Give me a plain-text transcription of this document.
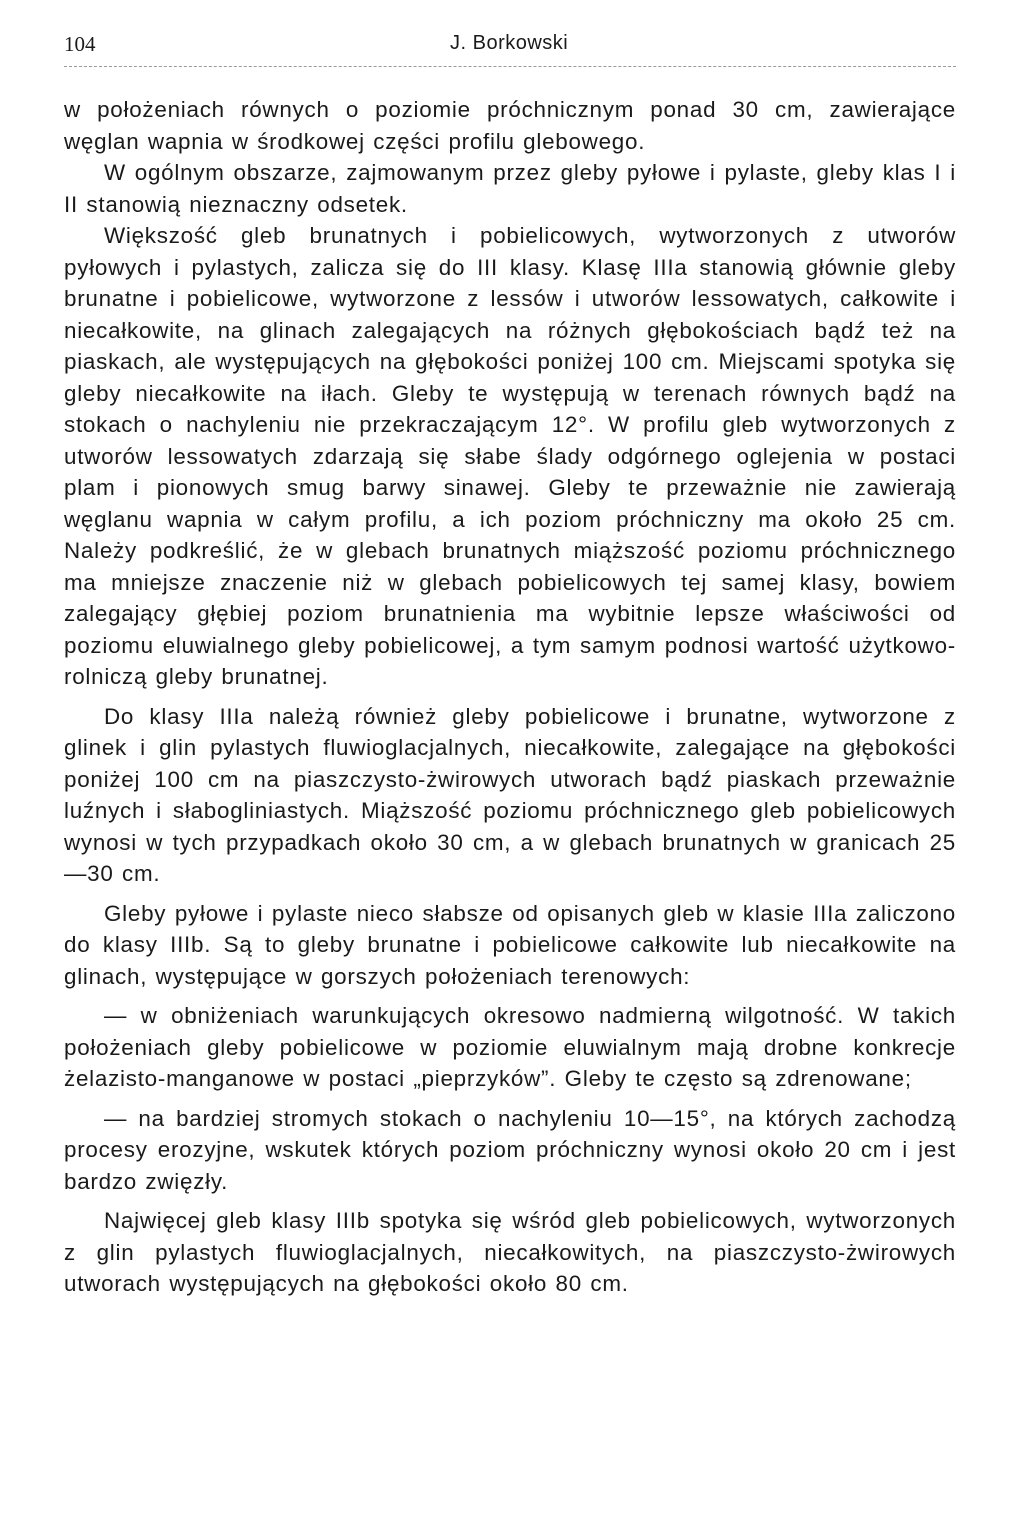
104	J. Borkowski

w położeniach równych o poziomie próchnicznym ponad 30 cm, zawierające węglan wapnia w środkowej części profilu glebowego.

W ogólnym obszarze, zajmowanym przez gleby pyłowe i pylaste, gleby klas I i II stanowią nieznaczny odsetek.

Większość gleb brunatnych i pobielicowych, wytworzonych z utworów pyłowych i pylastych, zalicza się do III klasy. Klasę IIIa stanowią głównie gleby brunatne i pobielicowe, wytworzone z lessów i utworów lessowatych, całkowite i niecałkowite, na glinach zalegających na różnych głębokościach bądź też na piaskach, ale występujących na głębokości poniżej 100 cm. Miejscami spotyka się gleby niecałkowite na iłach. Gleby te występują w terenach równych bądź na stokach o nachyleniu nie przekraczającym 12°. W profilu gleb wytworzonych z utworów lessowatych zdarzają się słabe ślady odgórnego oglejenia w postaci plam i pionowych smug barwy sinawej. Gleby te przeważnie nie zawierają węglanu wapnia w całym profilu, a ich poziom próchniczny ma około 25 cm. Należy podkreślić, że w glebach brunatnych miąższość poziomu próchnicznego ma mniejsze znaczenie niż w glebach pobielicowych tej samej klasy, bowiem zalegający głębiej poziom brunatnienia ma wybitnie lepsze właściwości od poziomu eluwialnego gleby pobielicowej, a tym samym podnosi wartość użytkowo-rolniczą gleby brunatnej.

Do klasy IIIa należą również gleby pobielicowe i brunatne, wytworzone z glinek i glin pylastych fluwioglacjalnych, niecałkowite, zalegające na głębokości poniżej 100 cm na piaszczysto-żwirowych utworach bądź piaskach przeważnie luźnych i słabogliniastych. Miąższość poziomu próchnicznego gleb pobielicowych wynosi w tych przypadkach około 30 cm, a w glebach brunatnych w granicach 25—30 cm.

Gleby pyłowe i pylaste nieco słabsze od opisanych gleb w klasie IIIa zaliczono do klasy IIIb. Są to gleby brunatne i pobielicowe całkowite lub niecałkowite na glinach, występujące w gorszych położeniach terenowych:

— w obniżeniach warunkujących okresowo nadmierną wilgotność. W takich położeniach gleby pobielicowe w poziomie eluwialnym mają drobne konkrecje żelazisto-manganowe w postaci „pieprzyków”. Gleby te często są zdrenowane;

— na bardziej stromych stokach o nachyleniu 10—15°, na których zachodzą procesy erozyjne, wskutek których poziom próchniczny wynosi około 20 cm i jest bardzo zwięzły.

Najwięcej gleb klasy IIIb spotyka się wśród gleb pobielicowych, wytworzonych z glin pylastych fluwioglacjalnych, niecałkowitych, na piaszczysto-żwirowych utworach występujących na głębokości około 80 cm.
